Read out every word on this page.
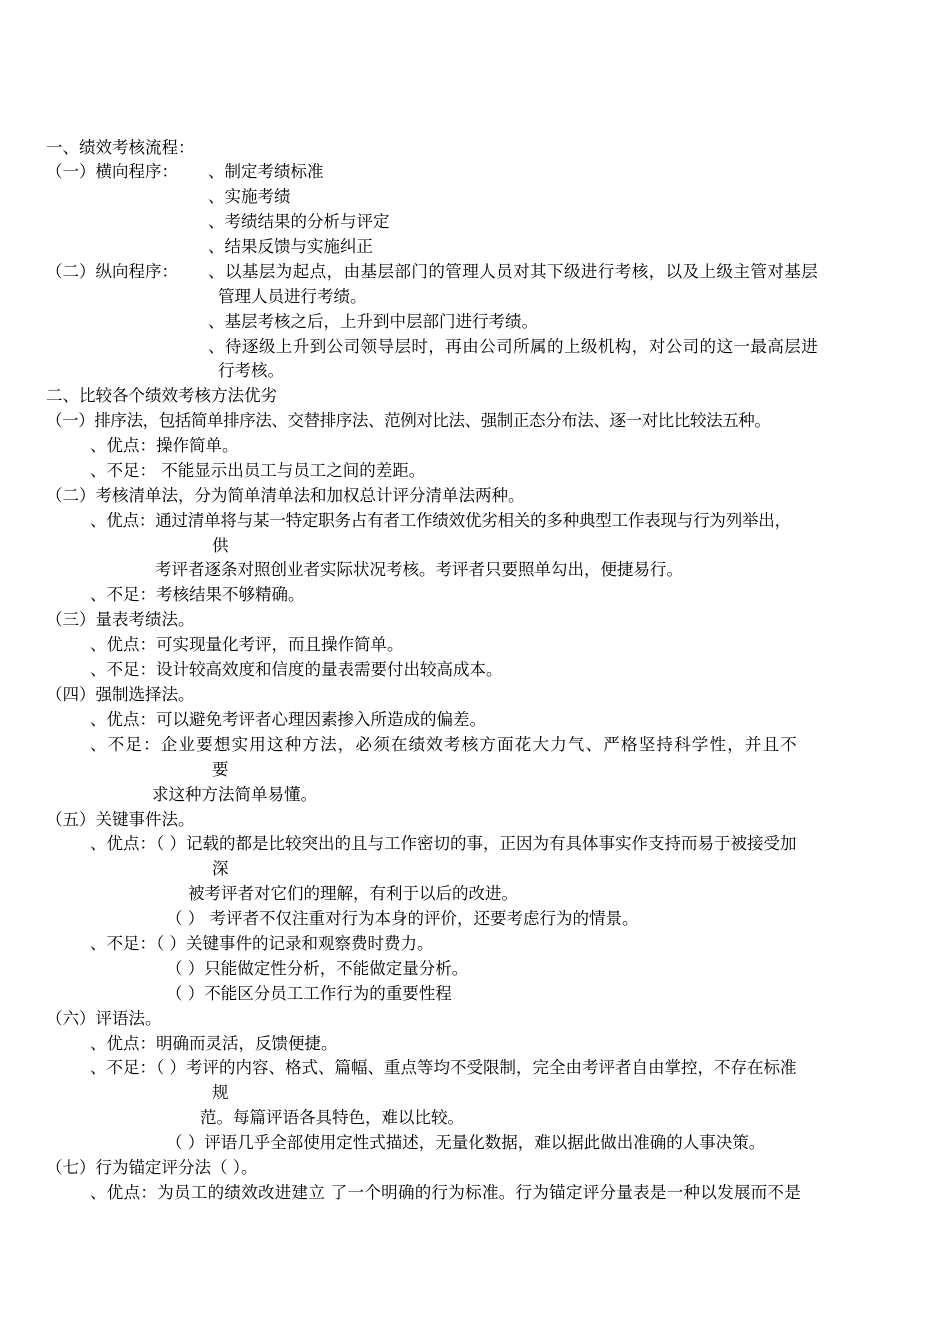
一、绩效考核流程：
（一）横向程序： 、制定考绩标准
、实施考绩
、考绩结果的分析与评定
、结果反馈与实施纠正
（二）纵向程序： 、以基层为起点，由基层部门的管理人员对其下级进行考核，以及上级主管对基层
管理人员进行考绩。
、基层考核之后，上升到中层部门进行考绩。
、待逐级上升到公司领导层时，再由公司所属的上级机构，对公司的这一最高层进
行考核。
二、比较各个绩效考核方法优劣
（一）排序法，包括简单排序法、交替排序法、范例对比法、强制正态分布法、逐一对比比较法五种。
、优点：操作简单。
、不足： 不能显示出员工与员工之间的差距。
（二）考核清单法，分为简单清单法和加权总计评分清单法两种。
、优点：通过清单将与某一特定职务占有者工作绩效优劣相关的多种典型工作表现与行为列举出，
供
考评者逐条对照创业者实际状况考核。考评者只要照单勾出，便捷易行。
、不足：考核结果不够精确。
（三）量表考绩法。
、优点：可实现量化考评，而且操作简单。
、不足：设计较高效度和信度的量表需要付出较高成本。
（四）强制选择法。
、优点：可以避免考评者心理因素掺入所造成的偏差。
、不足：企业要想实用这种方法，必须在绩效考核方面花大力气、严格坚持科学性，并且不
要
求这种方法简单易懂。
（五）关键事件法。
、优点：（ ）记载的都是比较突出的且与工作密切的事，正因为有具体事实作支持而易于被接受加
深
被考评者对它们的理解，有利于以后的改进。
（ ） 考评者不仅注重对行为本身的评价，还要考虑行为的情景。
、不足：（ ）关键事件的记录和观察费时费力。
（ ）只能做定性分析，不能做定量分析。
（ ）不能区分员工工作行为的重要性程
（六）评语法。
、优点：明确而灵活，反馈便捷。
、不足：（ ）考评的内容、格式、篇幅、重点等均不受限制，完全由考评者自由掌控，不存在标准
规
范。每篇评语各具特色，难以比较。
（ ）评语几乎全部使用定性式描述，无量化数据，难以据此做出准确的人事决策。
（七）行为锚定评分法（ ）。
、优点：为员工的绩效改进建立 了一个明确的行为标准。行为锚定评分量表是一种以发展而不是
